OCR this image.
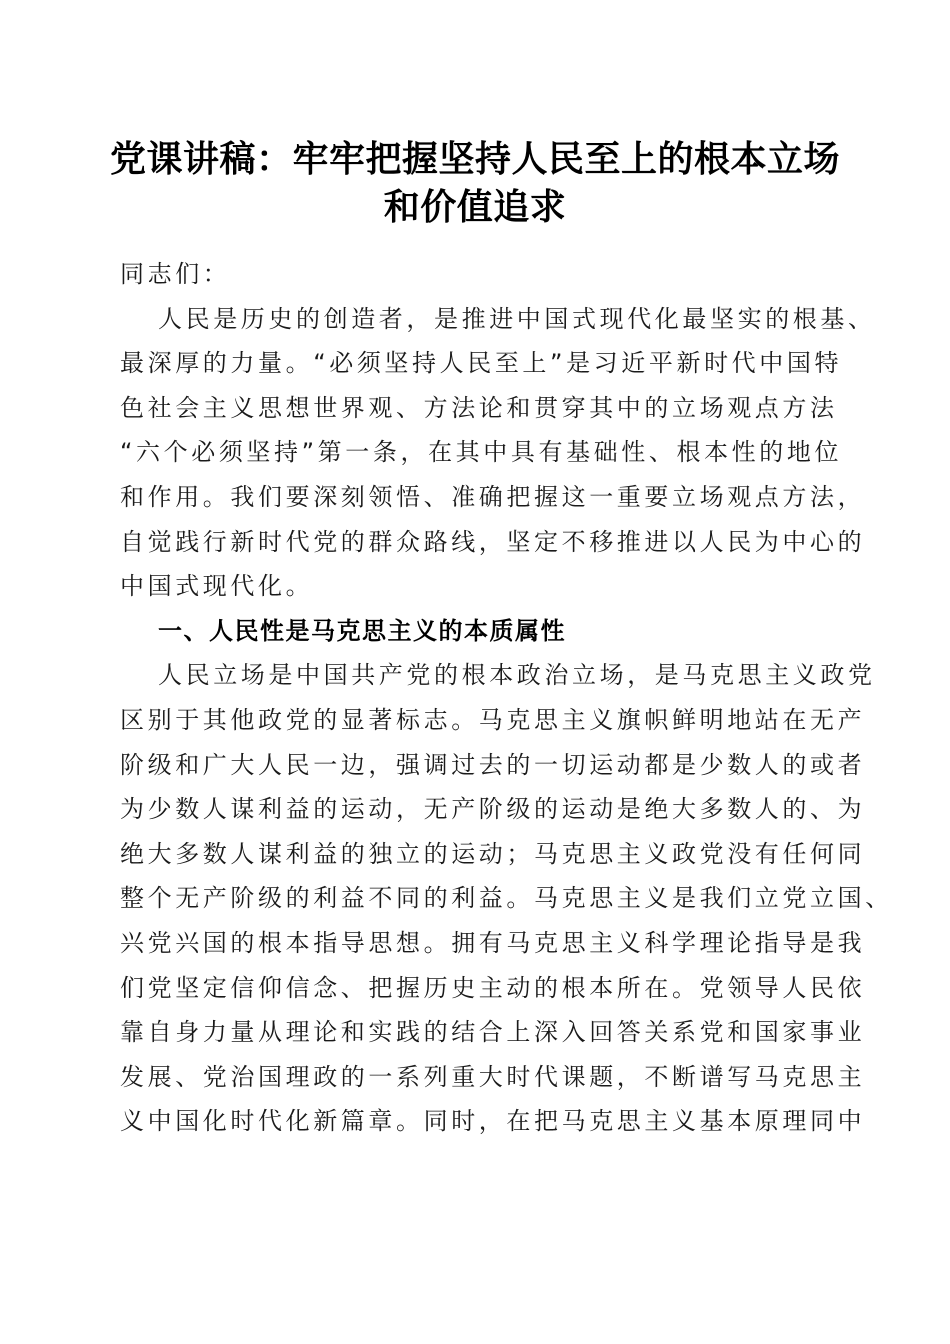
党课讲稿：牢牢把握坚持人民至上的根本立场
和价值追求
同志们：
人民是历史的创造者，是推进中国式现代化最坚实的根基、
最深厚的力量。“必须坚持人民至上”是习近平新时代中国特
色社会主义思想世界观、方法论和贯穿其中的立场观点方法
“六个必须坚持”第一条，在其中具有基础性、根本性的地位
和作用。我们要深刻领悟、准确把握这一重要立场观点方法，
自觉践行新时代党的群众路线，坚定不移推进以人民为中心的
中国式现代化。
一、人民性是马克思主义的本质属性
人民立场是中国共产党的根本政治立场，是马克思主义政党
区别于其他政党的显著标志。马克思主义旗帜鲜明地站在无产
阶级和广大人民一边，强调过去的一切运动都是少数人的或者
为少数人谋利益的运动，无产阶级的运动是绝大多数人的、为
绝大多数人谋利益的独立的运动；马克思主义政党没有任何同
整个无产阶级的利益不同的利益。马克思主义是我们立党立国、
兴党兴国的根本指导思想。拥有马克思主义科学理论指导是我
们党坚定信仰信念、把握历史主动的根本所在。党领导人民依
靠自身力量从理论和实践的结合上深入回答关系党和国家事业
发展、党治国理政的一系列重大时代课题，不断谱写马克思主
义中国化时代化新篇章。同时，在把马克思主义基本原理同中
